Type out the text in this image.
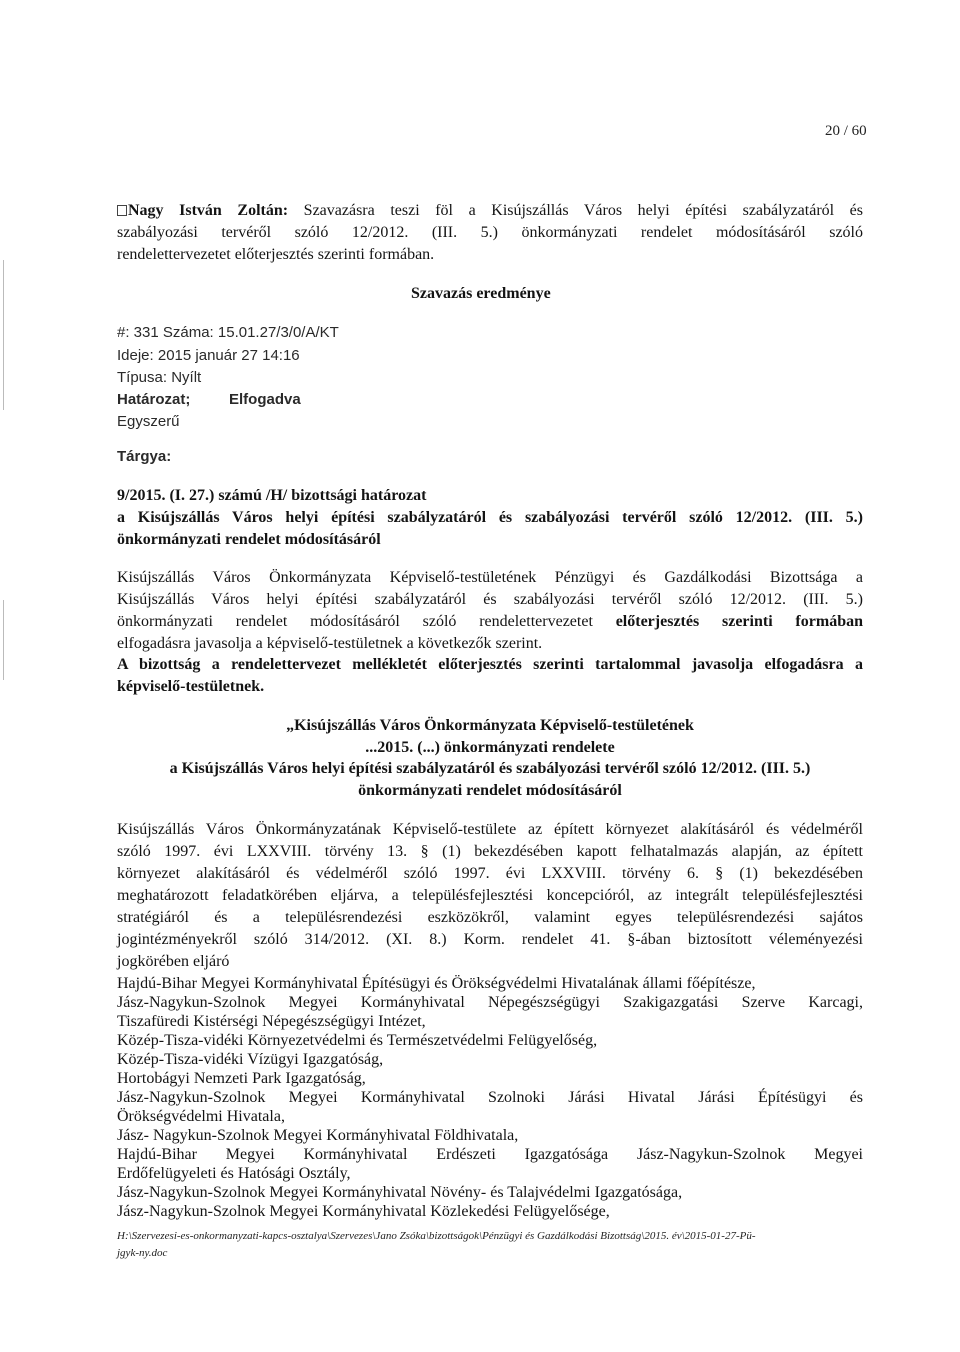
20 / 60
Nagy István Zoltán: Szavazásra teszi föl a Kisújszállás Város helyi építési szabályzatáról és
szabályozási tervéről szóló 12/2012. (III. 5.) önkormányzati rendelet módosításáról szóló
rendelettervezetet előterjesztés szerinti formában.
Szavazás eredménye
#: 331 Száma: 15.01.27/3/0/A/KT
Ideje: 2015 január 27 14:16
Típusa: Nyílt
Határozat;	Elfogadva
Egyszerű
Tárgya:
9/2015. (I. 27.) számú /H/ bizottsági határozat
a Kisújszállás Város helyi építési szabályzatáról és szabályozási tervéről szóló 12/2012. (III. 5.)
önkormányzati rendelet módosításáról
Kisújszállás Város Önkormányzata Képviselő-testületének Pénzügyi és Gazdálkodási Bizottsága a
Kisújszállás Város helyi építési szabályzatáról és szabályozási tervéről szóló 12/2012. (III. 5.)
önkormányzati rendelet módosításáról szóló rendelettervezetet előterjesztés szerinti formában
elfogadásra javasolja a képviselő-testületnek a következők szerint.
A bizottság a rendelettervezet mellékletét előterjesztés szerinti tartalommal javasolja elfogadásra a
képviselő-testületnek.
„Kisújszállás Város Önkormányzata Képviselő-testületének
...2015. (...) önkormányzati rendelete
a Kisújszállás Város helyi építési szabályzatáról és szabályozási tervéről szóló 12/2012. (III. 5.)
önkormányzati rendelet módosításáról
Kisújszállás Város Önkormányzatának Képviselő-testülete az épített környezet alakításáról és védelméről
szóló 1997. évi LXXVIII. törvény 13. § (1) bekezdésében kapott felhatalmazás alapján, az épített
környezet alakításáról és védelméről szóló 1997. évi LXXVIII. törvény 6. § (1) bekezdésében
meghatározott feladatkörében eljárva, a településfejlesztési koncepcióról, az integrált településfejlesztési
stratégiáról és a településrendezési eszközökről, valamint egyes településrendezési sajátos
jogintézményekről szóló 314/2012. (XI. 8.) Korm. rendelet 41. §-ában biztosított véleményezési
jogkörében eljáró
Hajdú-Bihar Megyei Kormányhivatal Építésügyi és Örökségvédelmi Hivatalának állami főépítésze,
Jász-Nagykun-Szolnok Megyei Kormányhivatal Népegészségügyi Szakigazgatási Szerve Karcagi,
Tiszafüredi Kistérségi Népegészségügyi Intézet,
Közép-Tisza-vidéki Környezetvédelmi és Természetvédelmi Felügyelőség,
Közép-Tisza-vidéki Vízügyi Igazgatóság,
Hortobágyi Nemzeti Park Igazgatóság,
Jász-Nagykun-Szolnok Megyei Kormányhivatal Szolnoki Járási Hivatal Járási Építésügyi és
Örökségvédelmi Hivatala,
Jász- Nagykun-Szolnok Megyei Kormányhivatal Földhivatala,
Hajdú-Bihar Megyei Kormányhivatal Erdészeti Igazgatósága Jász-Nagykun-Szolnok Megyei
Erdőfelügyeleti és Hatósági Osztály,
H:\Szervezesi-es-onkormanyzati-kapcs-osztalya\Szervezes\Jano Zsóka\bizottságok\Pénzügyi és Gazdálkodási Bizottság\2015. év\2015-01-27-Pü-
jgyk-ny.doc
Jász-Nagykun-Szolnok Megyei Kormányhivatal Növény- és Talajvédelmi Igazgatósága,
Jász-Nagykun-Szolnok Megyei Kormányhivatal Közlekedési Felügyelősége,
